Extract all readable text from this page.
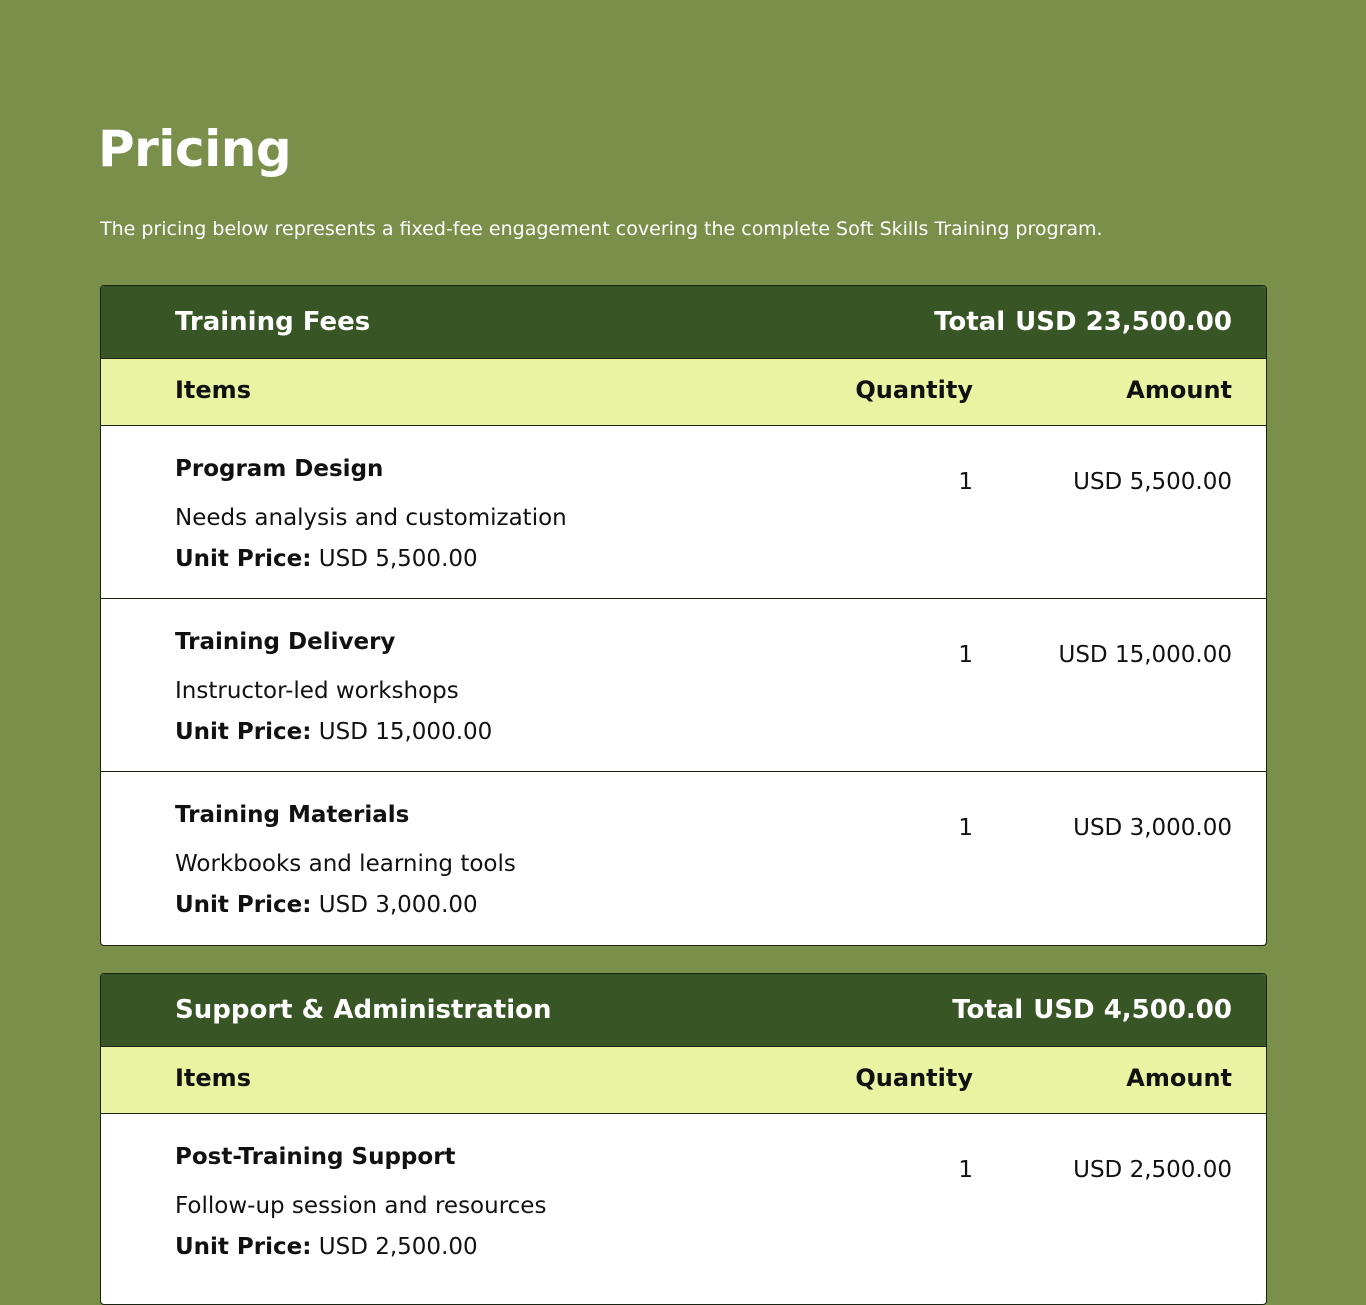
Pricing

The pricing below represents a fixed-fee engagement covering the complete Soft Skills Training program.

Training Fees	Total USD 23,500.00
Items	Quantity	Amount
Program Design
Needs analysis and customization
Unit Price: USD 5,500.00
1	USD 5,500.00
Training Delivery
Instructor-led workshops
Unit Price: USD 15,000.00
1	USD 15,000.00
Training Materials
Workbooks and learning tools
Unit Price: USD 3,000.00
1	USD 3,000.00
Support & Administration	Total USD 4,500.00
Items	Quantity	Amount
Post-Training Support
Follow-up session and resources
Unit Price: USD 2,500.00
1	USD 2,500.00
